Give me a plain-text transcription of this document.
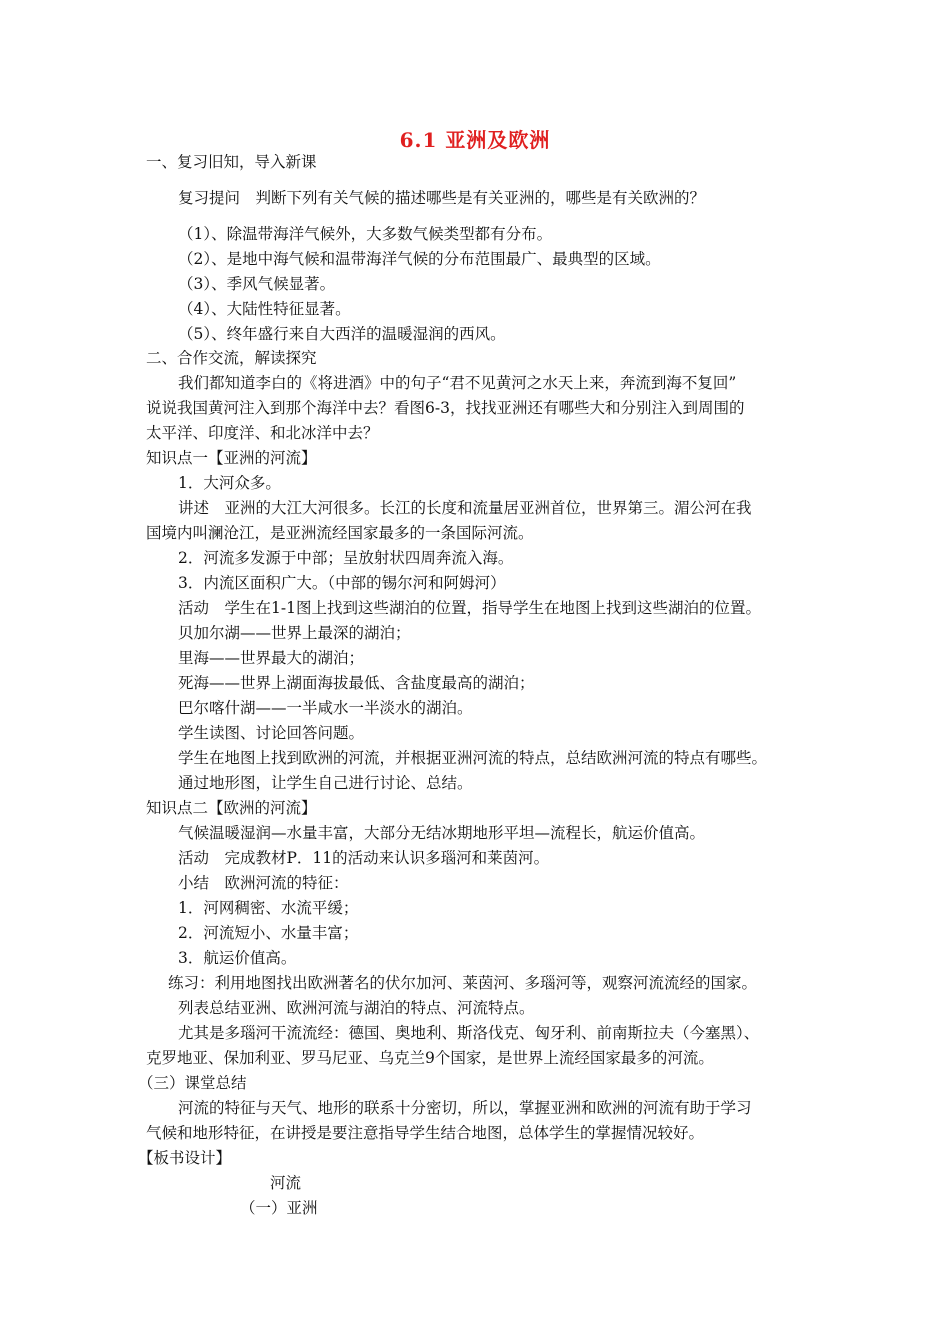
6.1 亚洲及欧洲
一、复习旧知，导入新课
复习提问　判断下列有关气候的描述哪些是有关亚洲的，哪些是有关欧洲的？
（1）、除温带海洋气候外，大多数气候类型都有分布。
（2）、是地中海气候和温带海洋气候的分布范围最广、最典型的区域。
（3）、季风气候显著。
（4）、大陆性特征显著。
（5）、终年盛行来自大西洋的温暖湿润的西风。
二、合作交流，解读探究
我们都知道李白的《将进酒》中的句子“君不见黄河之水天上来，奔流到海不复回”
说说我国黄河注入到那个海洋中去？看图6-3，找找亚洲还有哪些大和分别注入到周围的
太平洋、印度洋、和北冰洋中去？
知识点一【亚洲的河流】
1．大河众多。
讲述　亚洲的大江大河很多。长江的长度和流量居亚洲首位，世界第三。湄公河在我
国境内叫澜沧江，是亚洲流经国家最多的一条国际河流。
2．河流多发源于中部；呈放射状四周奔流入海。
3．内流区面积广大。（中部的锡尔河和阿姆河）
活动　学生在1-1图上找到这些湖泊的位置，指导学生在地图上找到这些湖泊的位置。
贝加尔湖——世界上最深的湖泊；
里海——世界最大的湖泊；
死海——世界上湖面海拔最低、含盐度最高的湖泊；
巴尔喀什湖——一半咸水一半淡水的湖泊。
学生读图、讨论回答问题。
学生在地图上找到欧洲的河流，并根据亚洲河流的特点，总结欧洲河流的特点有哪些。
通过地形图，让学生自己进行讨论、总结。
知识点二【欧洲的河流】
气候温暖湿润—水量丰富，大部分无结冰期地形平坦—流程长，航运价值高。
活动　完成教材P．11的活动来认识多瑙河和莱茵河。
小结　欧洲河流的特征：
1．河网稠密、水流平缓；
2．河流短小、水量丰富；
3．航运价值高。
练习：利用地图找出欧洲著名的伏尔加河、莱茵河、多瑙河等，观察河流流经的国家。
列表总结亚洲、欧洲河流与湖泊的特点、河流特点。
尤其是多瑙河干流流经：德国、奥地利、斯洛伐克、匈牙利、前南斯拉夫（今塞黑）、
克罗地亚、保加利亚、罗马尼亚、乌克兰9个国家，是世界上流经国家最多的河流。
（三）课堂总结
河流的特征与天气、地形的联系十分密切，所以，掌握亚洲和欧洲的河流有助于学习
气候和地形特征，在讲授是要注意指导学生结合地图，总体学生的掌握情况较好。
【板书设计】
河流
（一）亚洲
